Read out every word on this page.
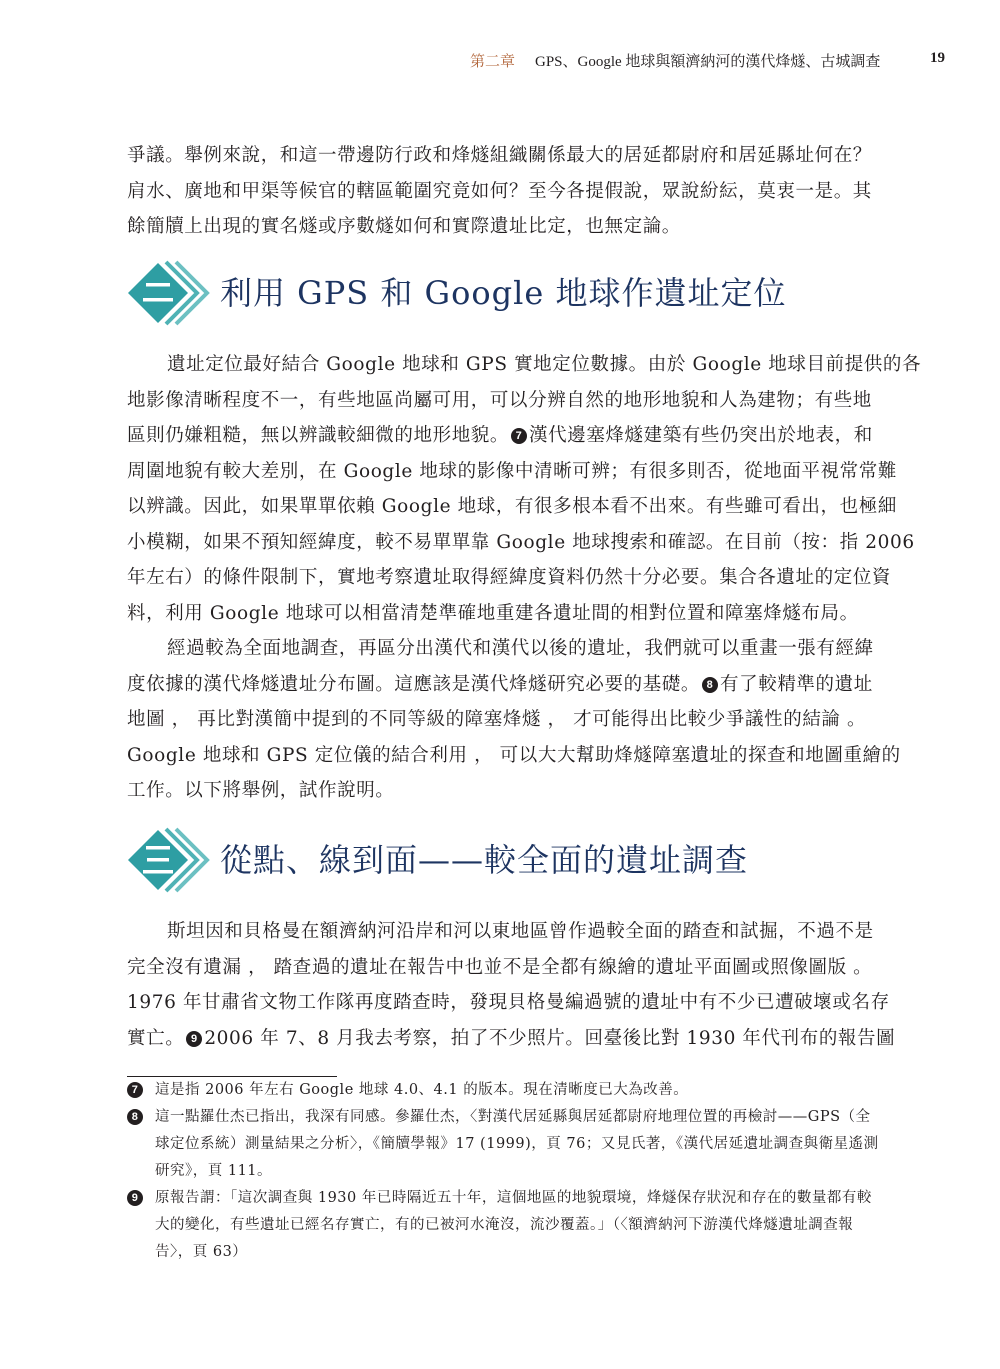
第二章 GPS、Google 地球與額濟納河的漢代烽燧、古城調查	19
爭議。舉例來說，和這一帶邊防行政和烽燧組織關係最大的居延都尉府和居延縣址何在？
肩水、廣地和甲渠等候官的轄區範圍究竟如何？至今各提假說，眾說紛紜，莫衷一是。其
餘簡牘上出現的實名燧或序數燧如何和實際遺址比定，也無定論。
利用 GPS 和 Google 地球作遺址定位
遺址定位最好結合 Google 地球和 GPS 實地定位數據。由於 Google 地球目前提供的各
地影像清晰程度不一，有些地區尚屬可用，可以分辨自然的地形地貌和人為建物；有些地
區則仍嫌粗糙，無以辨識較細微的地形地貌。 7 漢代邊塞烽燧建築有些仍突出於地表，和
周圍地貌有較大差別，在 Google 地球的影像中清晰可辨；有很多則否，從地面平視常常難
以辨識。因此，如果單單依賴 Google 地球，有很多根本看不出來。有些雖可看出，也極細
小模糊，如果不預知經緯度，較不易單單靠 Google 地球搜索和確認。在目前（按：指 2006
年左右）的條件限制下，實地考察遺址取得經緯度資料仍然十分必要。集合各遺址的定位資
料，利用 Google 地球可以相當清楚準確地重建各遺址間的相對位置和障塞烽燧布局。
經過較為全面地調查，再區分出漢代和漢代以後的遺址，我們就可以重畫一張有經緯
度依據的漢代烽燧遺址分布圖。這應該是漢代烽燧研究必要的基礎。 8 有了較精準的遺址
地圖 ， 再比對漢簡中提到的不同等級的障塞烽燧 ， 才可能得出比較少爭議性的結論 。
Google 地球和 GPS 定位儀的結合利用 ， 可以大大幫助烽燧障塞遺址的探查和地圖重繪的
工作。以下將舉例，試作說明。
從點、線到面——較全面的遺址調查
斯坦因和貝格曼在額濟納河沿岸和河以東地區曾作過較全面的踏查和試掘，不過不是
完全沒有遺漏 ， 踏查過的遺址在報告中也並不是全都有線繪的遺址平面圖或照像圖版 。
1976 年甘肅省文物工作隊再度踏查時，發現貝格曼編過號的遺址中有不少已遭破壞或名存
實亡。 9 2006 年 7、8 月我去考察，拍了不少照片。回臺後比對 1930 年代刊布的報告圖
7	這是指 2006 年左右 Google 地球 4.0、4.1 的版本。現在清晰度已大為改善。
8	這一點羅仕杰已指出，我深有同感。參羅仕杰，〈對漢代居延縣與居延都尉府地理位置的再檢討——GPS（全
球定位系統）測量結果之分析〉，《簡牘學報》17 (1999)，頁 76；又見氏著，《漢代居延遺址調查與衛星遙測
研究》，頁 111。
9	原報告謂：「這次調查與 1930 年已時隔近五十年，這個地區的地貌環境，烽燧保存狀況和存在的數量都有較
大的變化，有些遺址已經名存實亡，有的已被河水淹沒，流沙覆蓋。」（〈額濟納河下游漢代烽燧遺址調查報
告〉，頁 63）
